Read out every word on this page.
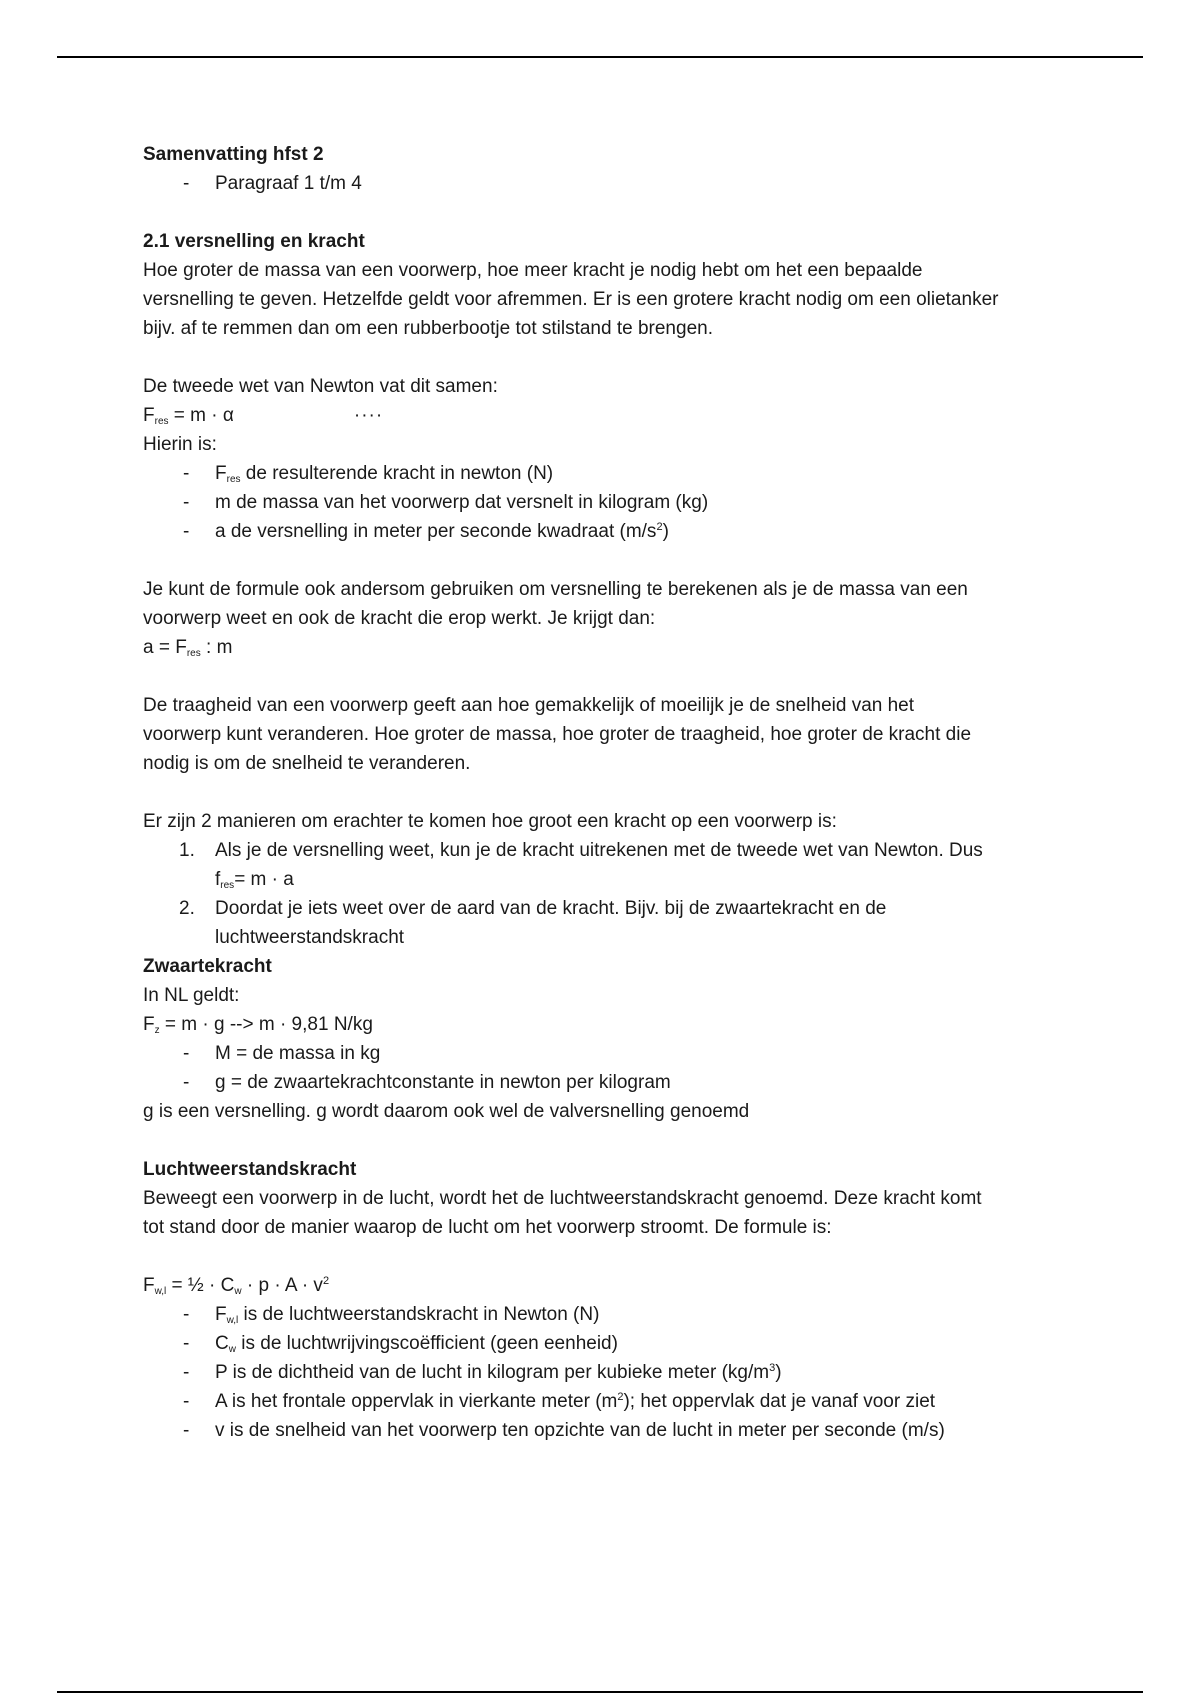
Samenvatting hfst 2

- Paragraaf 1 t/m 4

2.1 versnelling en kracht

Hoe groter de massa van een voorwerp, hoe meer kracht je nodig hebt om het een bepaalde

versnelling te geven. Hetzelfde geldt voor afremmen. Er is een grotere kracht nodig om een olietanker

bijv. af te remmen dan om een rubberbootje tot stilstand te brengen.

De tweede wet van Newton vat dit samen:

$F_{res} = m \cdot \alpha$	····

Hierin is:

- $F_{res}$ de resulterende kracht in newton (N)
- m de massa van het voorwerp dat versnelt in kilogram (kg)
- a de versnelling in meter per seconde kwadraat $(m/s^2)$

Je kunt de formule ook andersom gebruiken om versnelling te berekenen als je de massa van een

voorwerp weet en ook de kracht die erop werkt. Je krijgt dan:

$a = F_{res}$ : m

De traagheid van een voorwerp geeft aan hoe gemakkelijk of moeilijk je de snelheid van het

voorwerp kunt veranderen. Hoe groter de massa, hoe groter de traagheid, hoe groter de kracht die

nodig is om de snelheid te veranderen.

Er zijn 2 manieren om erachter te komen hoe groot een kracht op een voorwerp is:

1. Als je de versnelling weet, kun je de kracht uitrekenen met de tweede wet van Newton. Dus
$f_{res}= m \cdot a$
2. Doordat je iets weet over de aard van de kracht. Bijv. bij de zwaartekracht en de
luchtweerstandskracht

Zwaartekracht

In NL geldt:

$F_z = m \cdot g$ --> m · 9,81 N/kg

- M = de massa in kg
- g = de zwaartekrachtconstante in newton per kilogram

g is een versnelling. g wordt daarom ook wel de valversnelling genoemd

Luchtweerstandskracht

Beweegt een voorwerp in de lucht, wordt het de luchtweerstandskracht genoemd. Deze kracht komt

tot stand door de manier waarop de lucht om het voorwerp stroomt. De formule is:

$F_{w,l}$ = ½ · $C_w \cdot p \cdot A \cdot v^2$

- $F_{w,l}$ is de luchtweerstandskracht in Newton (N)
- $C_w$ is de luchtwrijvingscoëfficient (geen eenheid)
- P is de dichtheid van de lucht in kilogram per kubieke meter $(kg/m^3)$
- A is het frontale oppervlak in vierkante meter $(m^2)$; het oppervlak dat je vanaf voor ziet
- v is de snelheid van het voorwerp ten opzichte van de lucht in meter per seconde (m/s)
